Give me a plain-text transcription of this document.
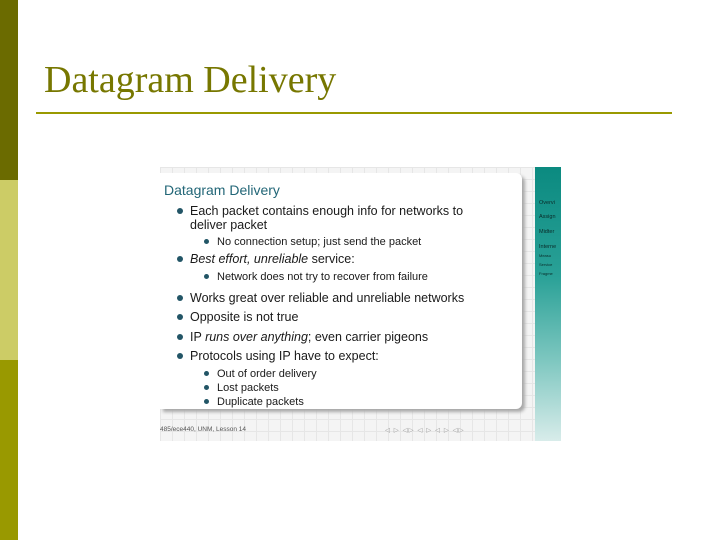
Datagram Delivery
Overvi
Assign
Midter
Interne
Measu
Service
Fragme
Datagram Delivery
Each packet contains enough info for networks to
deliver packet
No connection setup; just send the packet
Best effort, unreliable service:
Network does not try to recover from failure
Works great over reliable and unreliable networks
Opposite is not true
IP runs over anything; even carrier pigeons
Protocols using IP have to expect:
Out of order delivery
Lost packets
Duplicate packets
485/ece440, UNM, Lesson 14	◁ ▷ ◁▷ ◁ ▷ ◁ ▷ ◁▷
